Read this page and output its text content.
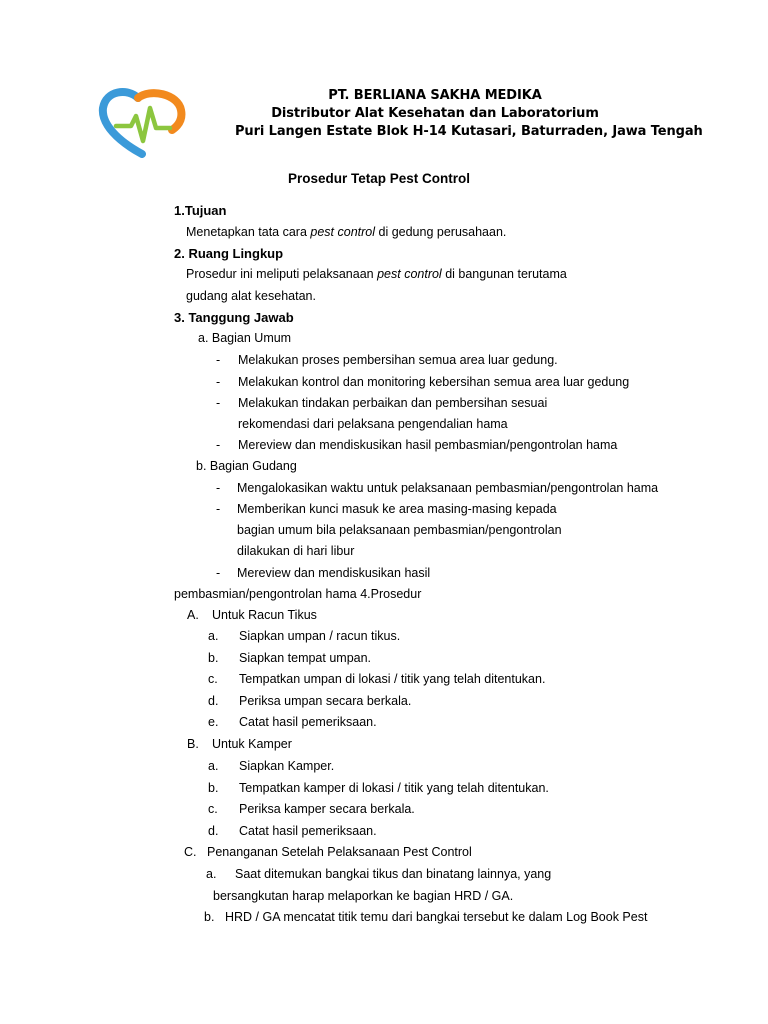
PT. BERLIANA SAKHA MEDIKA
Distributor Alat Kesehatan dan Laboratorium
Puri Langen Estate Blok H-14 Kutasari, Baturraden, Jawa Tengah
Prosedur Tetap Pest Control
1.Tujuan
Menetapkan tata cara pest control di gedung perusahaan.
2. Ruang Lingkup
Prosedur ini meliputi pelaksanaan pest control di bangunan terutama
gudang alat kesehatan.
3. Tanggung Jawab
a. Bagian Umum
- Melakukan proses pembersihan semua area luar gedung.
- Melakukan kontrol dan monitoring kebersihan semua area luar gedung
- Melakukan tindakan perbaikan dan pembersihan sesuai
rekomendasi dari pelaksana pengendalian hama
- Mereview dan mendiskusikan hasil pembasmian/pengontrolan hama
b. Bagian Gudang
- Mengalokasikan waktu untuk pelaksanaan pembasmian/pengontrolan hama
- Memberikan kunci masuk ke area masing-masing kepada
bagian umum bila pelaksanaan pembasmian/pengontrolan
dilakukan di hari libur
- Mereview dan mendiskusikan hasil
pembasmian/pengontrolan hama 4.Prosedur
A. Untuk Racun Tikus
a. Siapkan umpan / racun tikus.
b. Siapkan tempat umpan.
c. Tempatkan umpan di lokasi / titik yang telah ditentukan.
d. Periksa umpan secara berkala.
e. Catat hasil pemeriksaan.
B. Untuk Kamper
a. Siapkan Kamper.
b. Tempatkan kamper di lokasi / titik yang telah ditentukan.
c. Periksa kamper secara berkala.
d. Catat hasil pemeriksaan.
C. Penanganan Setelah Pelaksanaan Pest Control
a. Saat ditemukan bangkai tikus dan binatang lainnya, yang
bersangkutan harap melaporkan ke bagian HRD / GA.
b. HRD / GA mencatat titik temu dari bangkai tersebut ke dalam Log Book Pest
